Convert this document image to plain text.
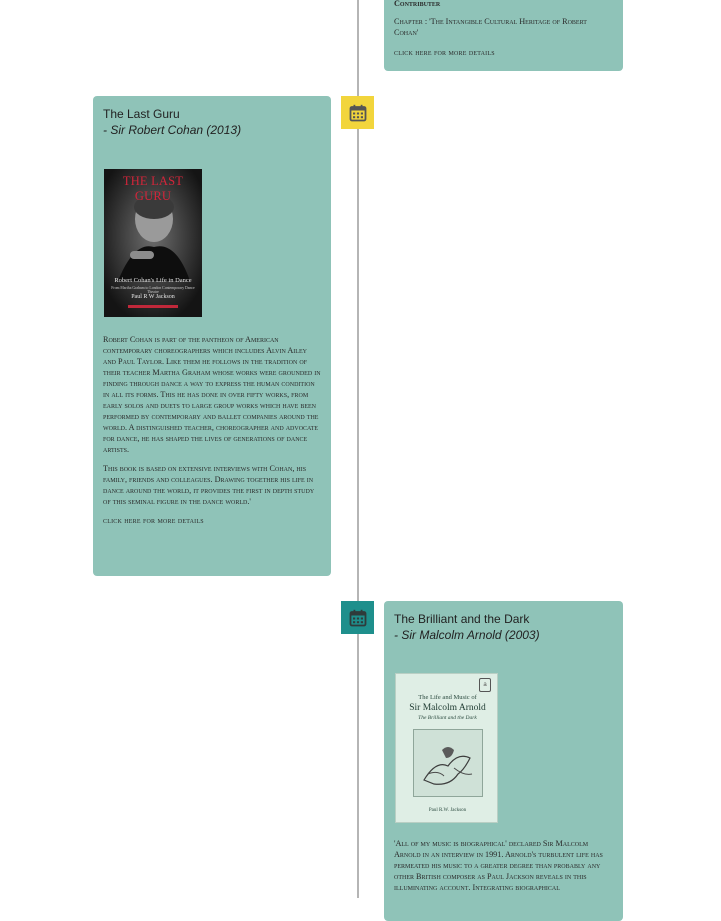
Contributer

Chapter : 'The Intangible Cultural Heritage of Robert Cohan'

click here for more details

The Last Guru

- Sir Robert Cohan (2013)

THE LAST GURU
Robert Cohan's Life in Dance
From Martha Graham to London Contemporary Dance Theatre
Paul R W Jackson

Robert Cohan is part of the pantheon of American contemporary choreographers which includes Alvin Ailey and Paul Taylor. Like them he follows in the tradition of their teacher Martha Graham whose works were grounded in finding through dance a way to express the human condition in all its forms. This he has done in over fifty works, from early solos and duets to large group works which have been performed by contemporary and ballet companies around the world. A distinguished teacher, choreographer and advocate for dance, he has shaped the lives of generations of dance artists.

This book is based on extensive interviews with Cohan, his family, friends and colleagues. Drawing together his life in dance around the world, it provides the first in depth study of this seminal figure in the dance world.'

click here for more details

The Brilliant and the Dark

- Sir Malcolm Arnold (2003)

a
The Life and Music of
Sir Malcolm Arnold
The Brilliant and the Dark
Paul R.W. Jackson

'All of my music is biographical' declared Sir Malcolm Arnold in an interview in 1991. Arnold's turbulent life has permeated his music to a greater degree than probably any other British composer as Paul Jackson reveals in this illuminating account. Integrating biographical
